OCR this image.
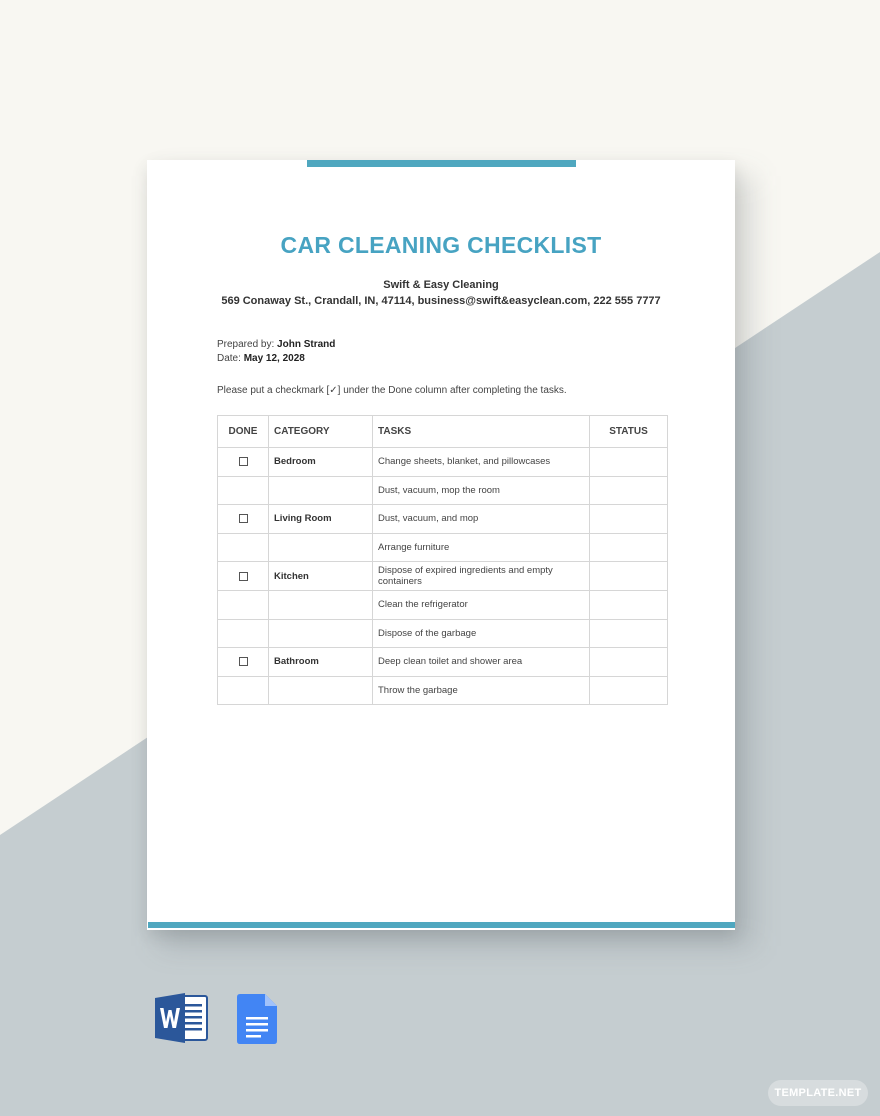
CAR CLEANING CHECKLIST
Swift & Easy Cleaning
569 Conaway St., Crandall, IN, 47114, business@swift&easyclean.com, 222 555 7777
Prepared by: John Strand
Date: May 12, 2028
Please put a checkmark [✓] under the Done column after completing the tasks.
DONE	CATEGORY	TASKS	STATUS
	Bedroom	Change sheets, blanket, and pillowcases	
		Dust, vacuum, mop the room	
	Living Room	Dust, vacuum, and mop	
		Arrange furniture	
	Kitchen	Dispose of expired ingredients and empty containers	
		Clean the refrigerator	
		Dispose of the garbage	
	Bathroom	Deep clean toilet and shower area	
		Throw the garbage	
TEMPLATE.NET
